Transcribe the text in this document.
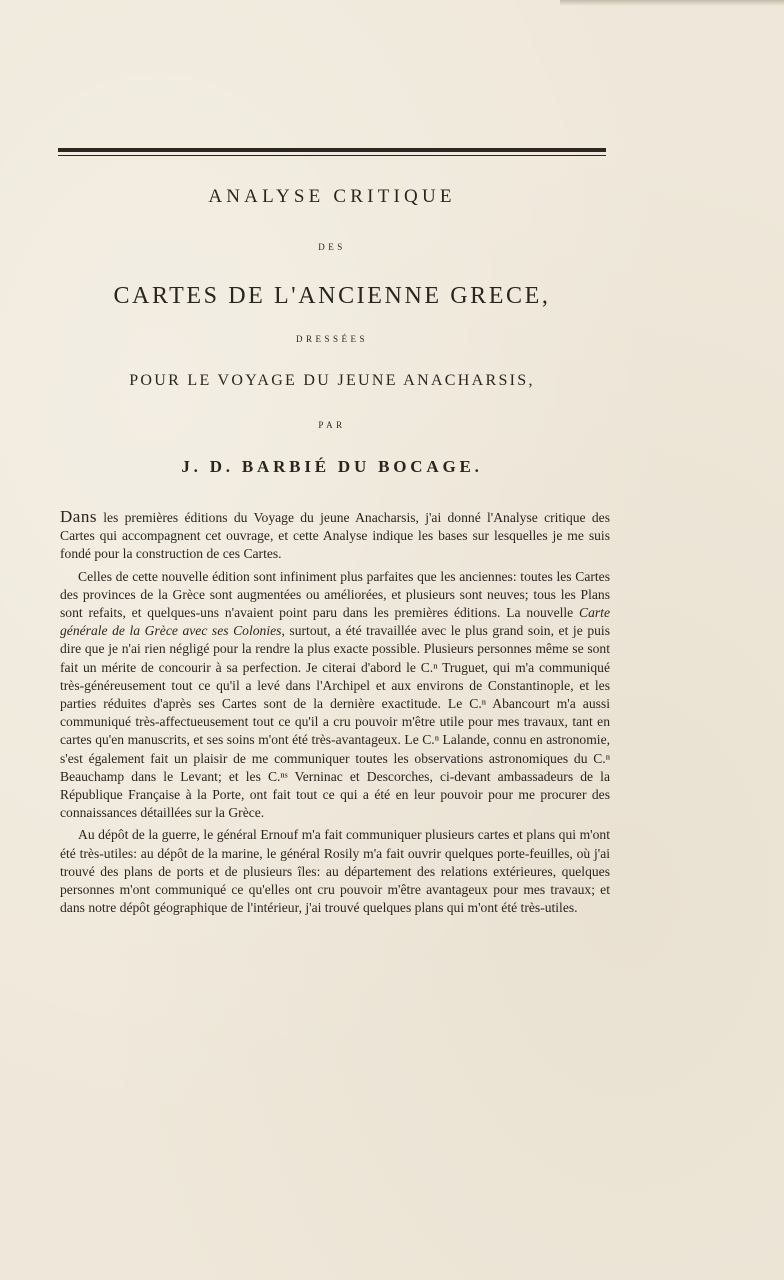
ANALYSE CRITIQUE
DES
CARTES DE L'ANCIENNE GRECE,
DRESSÉES
POUR LE VOYAGE DU JEUNE ANACHARSIS,
PAR
J. D. BARBIÉ DU BOCAGE.

Dans les premières éditions du Voyage du jeune Anacharsis, j'ai donné l'Analyse critique des Cartes qui accompagnent cet ouvrage, et cette Analyse indique les bases sur lesquelles je me suis fondé pour la construction de ces Cartes.

Celles de cette nouvelle édition sont infiniment plus parfaites que les anciennes: toutes les Cartes des provinces de la Grèce sont augmentées ou améliorées, et plusieurs sont neuves; tous les Plans sont refaits, et quelques-uns n'avaient point paru dans les premières éditions. La nouvelle Carte générale de la Grèce avec ses Colonies, surtout, a été travaillée avec le plus grand soin, et je puis dire que je n'ai rien négligé pour la rendre la plus exacte possible. Plusieurs personnes même se sont fait un mérite de concourir à sa perfection. Je citerai d'abord le C.ⁿ Truguet, qui m'a communiqué très-généreusement tout ce qu'il a levé dans l'Archipel et aux environs de Constantinople, et les parties réduites d'après ses Cartes sont de la dernière exactitude. Le C.ⁿ Abancourt m'a aussi communiqué très-affectueusement tout ce qu'il a cru pouvoir m'être utile pour mes travaux, tant en cartes qu'en manuscrits, et ses soins m'ont été très-avantageux. Le C.ⁿ Lalande, connu en astronomie, s'est également fait un plaisir de me communiquer toutes les observations astronomiques du C.ⁿ Beauchamp dans le Levant; et les C.ⁿˢ Verninac et Descorches, ci-devant ambassadeurs de la République Française à la Porte, ont fait tout ce qui a été en leur pouvoir pour me procurer des connaissances détaillées sur la Grèce.

Au dépôt de la guerre, le général Ernouf m'a fait communiquer plusieurs cartes et plans qui m'ont été très-utiles: au dépôt de la marine, le général Rosily m'a fait ouvrir quelques porte-feuilles, où j'ai trouvé des plans de ports et de plusieurs îles: au département des relations extérieures, quelques personnes m'ont communiqué ce qu'elles ont cru pouvoir m'être avantageux pour mes travaux; et dans notre dépôt géographique de l'intérieur, j'ai trouvé quelques plans qui m'ont été très-utiles.
